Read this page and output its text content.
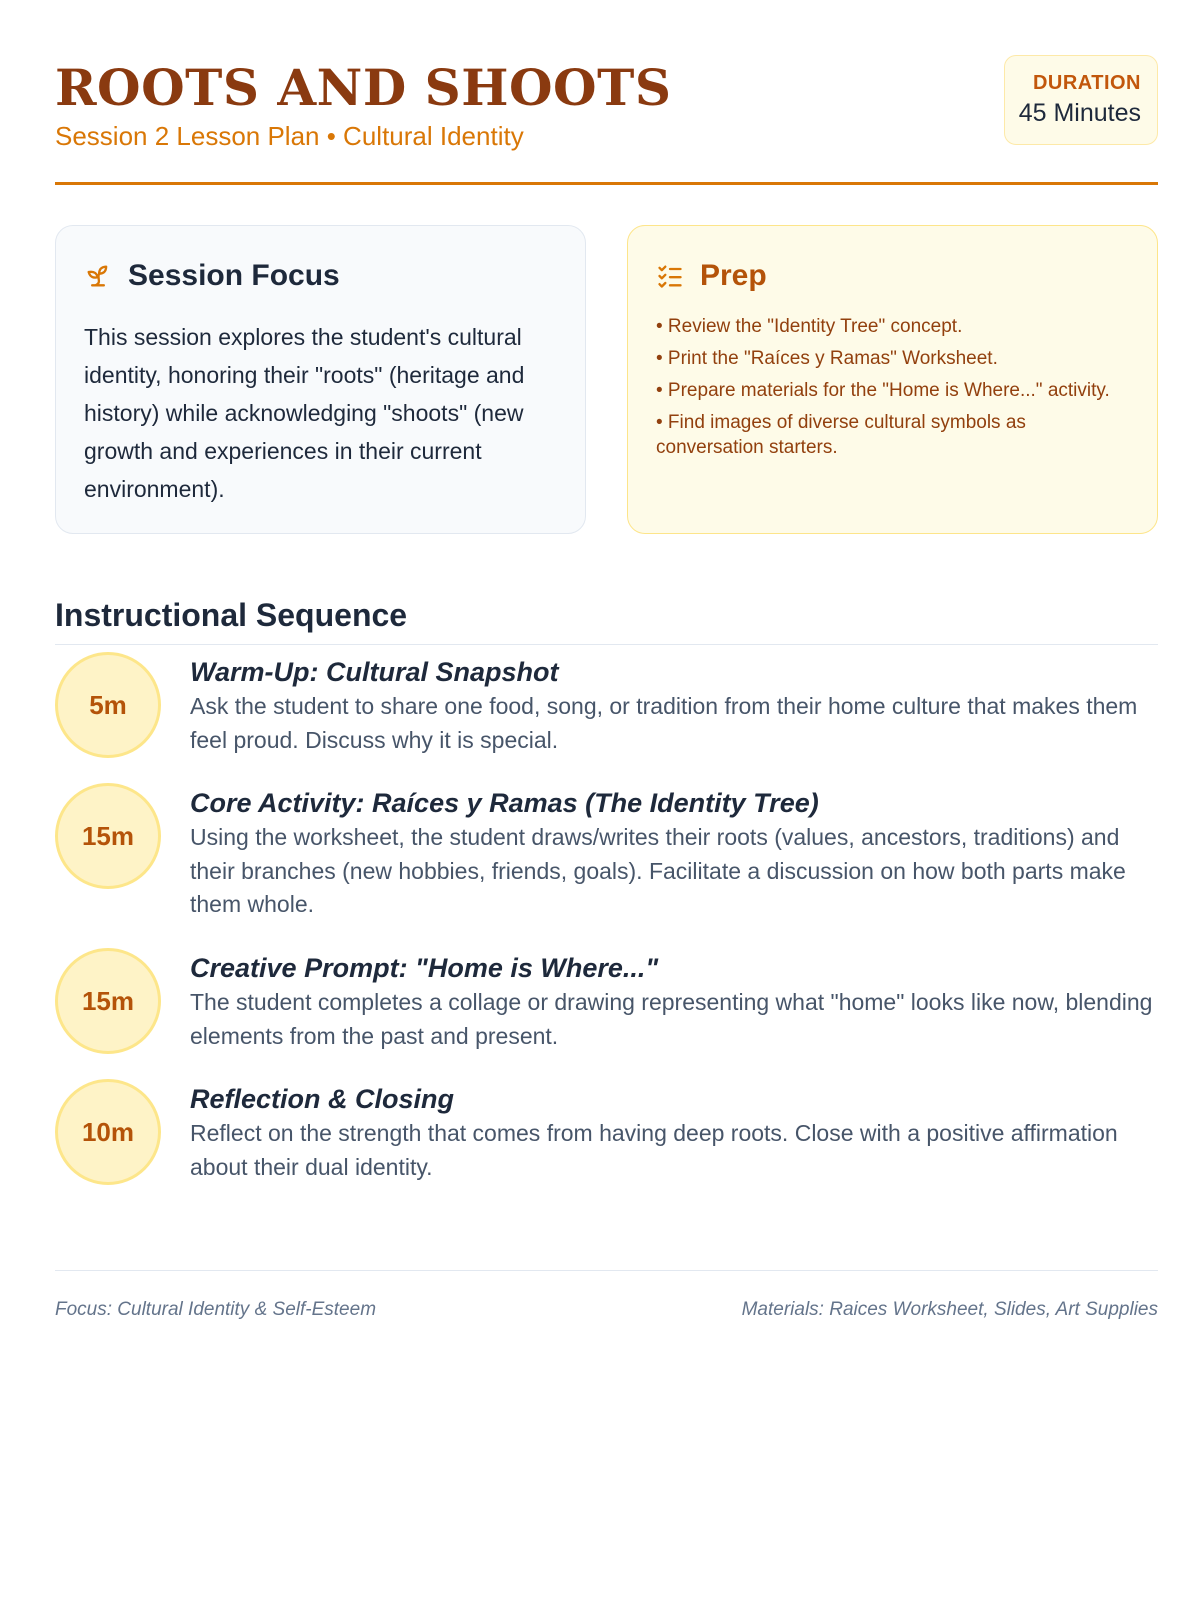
ROOTS AND SHOOTS
Session 2 Lesson Plan • Cultural Identity
DURATION
45 Minutes
Session Focus

This session explores the student's cultural identity, honoring their "roots" (heritage and history) while acknowledging "shoots" (new growth and experiences in their current environment).

Prep
• Review the "Identity Tree" concept.
• Print the "Raíces y Ramas" Worksheet.
• Prepare materials for the "Home is Where..." activity.
• Find images of diverse cultural symbols as conversation starters.
Instructional Sequence
5m
Warm-Up: Cultural Snapshot
Ask the student to share one food, song, or tradition from their home culture that makes them feel proud. Discuss why it is special.
15m
Core Activity: Raíces y Ramas (The Identity Tree)
Using the worksheet, the student draws/writes their roots (values, ancestors, traditions) and their branches (new hobbies, friends, goals). Facilitate a discussion on how both parts make them whole.
15m
Creative Prompt: "Home is Where..."
The student completes a collage or drawing representing what "home" looks like now, blending elements from the past and present.
10m
Reflection & Closing
Reflect on the strength that comes from having deep roots. Close with a positive affirmation about their dual identity.
Focus: Cultural Identity & Self-Esteem	Materials: Raices Worksheet, Slides, Art Supplies
